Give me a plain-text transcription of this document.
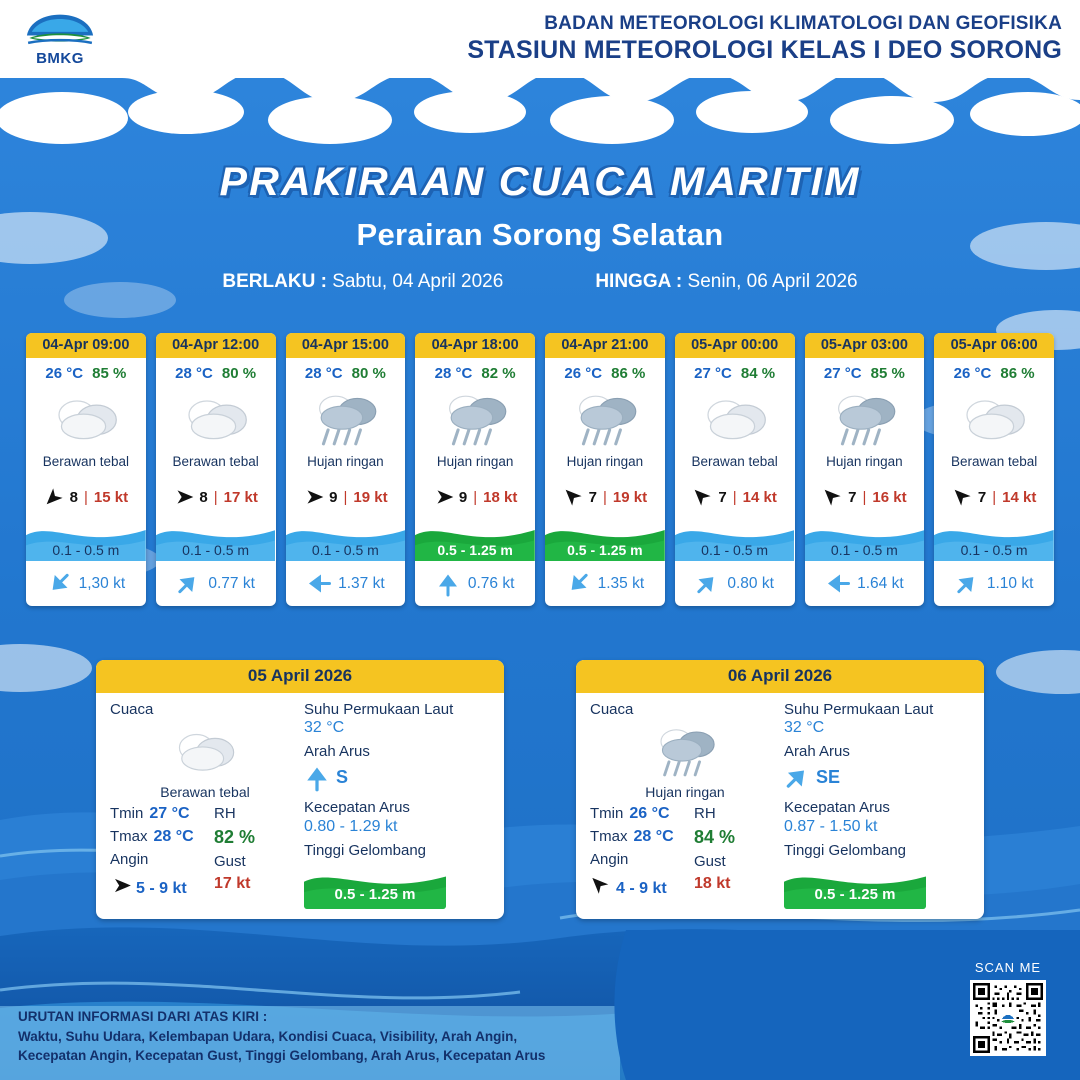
BMKG
BADAN METEOROLOGI KLIMATOLOGI DAN GEOFISIKA
STASIUN METEOROLOGI KELAS I DEO SORONG
PRAKIRAAN CUACA MARITIM
Perairan Sorong Selatan
BERLAKU : Sabtu, 04 April 2026	HINGGA : Senin, 06 April 2026
04-Apr 09:00
26 °C 85 %
Berawan tebal
8 | 15 kt
0.1 - 0.5 m
1,30 kt
04-Apr 12:00
28 °C 80 %
Berawan tebal
8 | 17 kt
0.1 - 0.5 m
0.77 kt
04-Apr 15:00
28 °C 80 %
Hujan ringan
9 | 19 kt
0.1 - 0.5 m
1.37 kt
04-Apr 18:00
28 °C 82 %
Hujan ringan
9 | 18 kt
0.5 - 1.25 m
0.76 kt
04-Apr 21:00
26 °C 86 %
Hujan ringan
7 | 19 kt
0.5 - 1.25 m
1.35 kt
05-Apr 00:00
27 °C 84 %
Berawan tebal
7 | 14 kt
0.1 - 0.5 m
0.80 kt
05-Apr 03:00
27 °C 85 %
Hujan ringan
7 | 16 kt
0.1 - 0.5 m
1.64 kt
05-Apr 06:00
26 °C 86 %
Berawan tebal
7 | 14 kt
0.1 - 0.5 m
1.10 kt
05 April 2026
Cuaca
Berawan tebal
Tmin 27 °C
Tmax 28 °C
Angin
5 - 9 kt
RH
82 %
Gust
17 kt
Suhu Permukaan Laut
32 °C
Arah Arus
S
Kecepatan Arus
0.80 - 1.29 kt
Tinggi Gelombang
0.5 - 1.25 m
06 April 2026
Cuaca
Hujan ringan
Tmin 26 °C
Tmax 28 °C
Angin
4 - 9 kt
RH
84 %
Gust
18 kt
Suhu Permukaan Laut
32 °C
Arah Arus
SE
Kecepatan Arus
0.87 - 1.50 kt
Tinggi Gelombang
0.5 - 1.25 m
URUTAN INFORMASI DARI ATAS KIRI :
Waktu, Suhu Udara, Kelembapan Udara, Kondisi Cuaca, Visibility, Arah Angin,
Kecepatan Angin, Kecepatan Gust, Tinggi Gelombang, Arah Arus, Kecepatan Arus
SCAN ME
